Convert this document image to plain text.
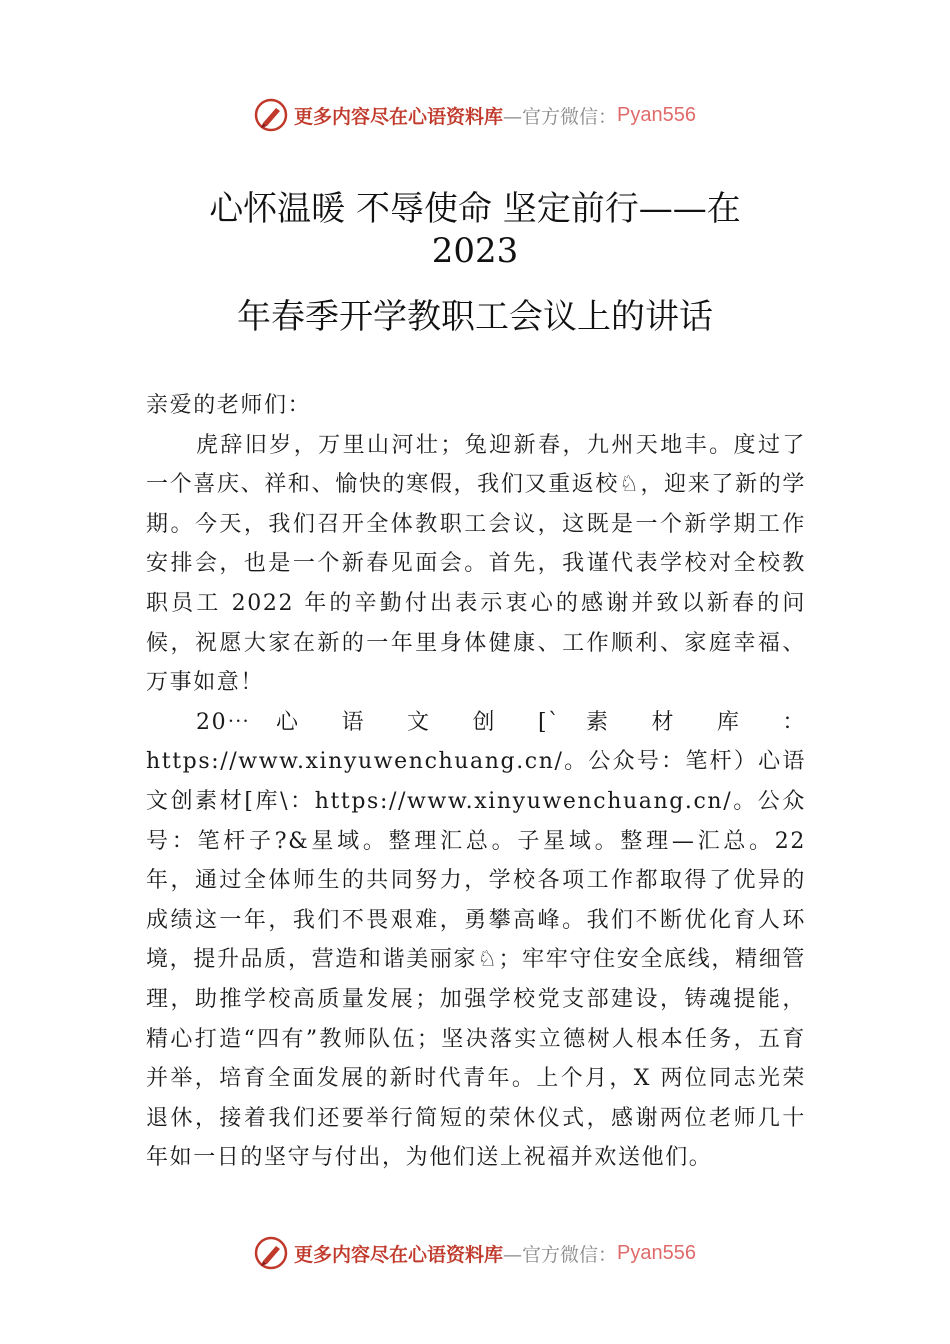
更多内容尽在心语资料库 —官方微信： Pyan556
心怀温暖 不辱使命 坚定前行——在
2023
年春季开学教职工会议上的讲话

亲爱的老师们：

虎辞旧岁，万里山河壮；兔迎新春，九州天地丰。度过了一个喜庆、祥和、愉快的寒假，我们又重返校♘，迎来了新的学期。今天，我们召开全体教职工会议，这既是一个新学期工作安排会，也是一个新春见面会。首先，我谨代表学校对全校教职员工 2022 年的辛勤付出表示衷心的感谢并致以新春的问候，祝愿大家在新的一年里身体健康、工作顺利、家庭幸福、万事如意！

20⋯ 心 语 文 创 [` 素 材 库 ： https://www.xinyuwenchuang.cn/。公众号：笔杆）心语文创素材[库\：https://www.xinyuwenchuang.cn/。公众号：笔杆子?&星域。整理汇总。子星域。整理—汇总。22 年，通过全体师生的共同努力，学校各项工作都取得了优异的成绩这一年，我们不畏艰难，勇攀高峰。我们不断优化育人环境，提升品质，营造和谐美丽家♘；牢牢守住安全底线，精细管理，助推学校高质量发展；加强学校党支部建设，铸魂提能，精心打造“四有”教师队伍；坚决落实立德树人根本任务，五育并举，培育全面发展的新时代青年。上个月，X 两位同志光荣退休，接着我们还要举行简短的荣休仪式，感谢两位老师几十年如一日的坚守与付出，为他们送上祝福并欢送他们。

更多内容尽在心语资料库 —官方微信： Pyan556
